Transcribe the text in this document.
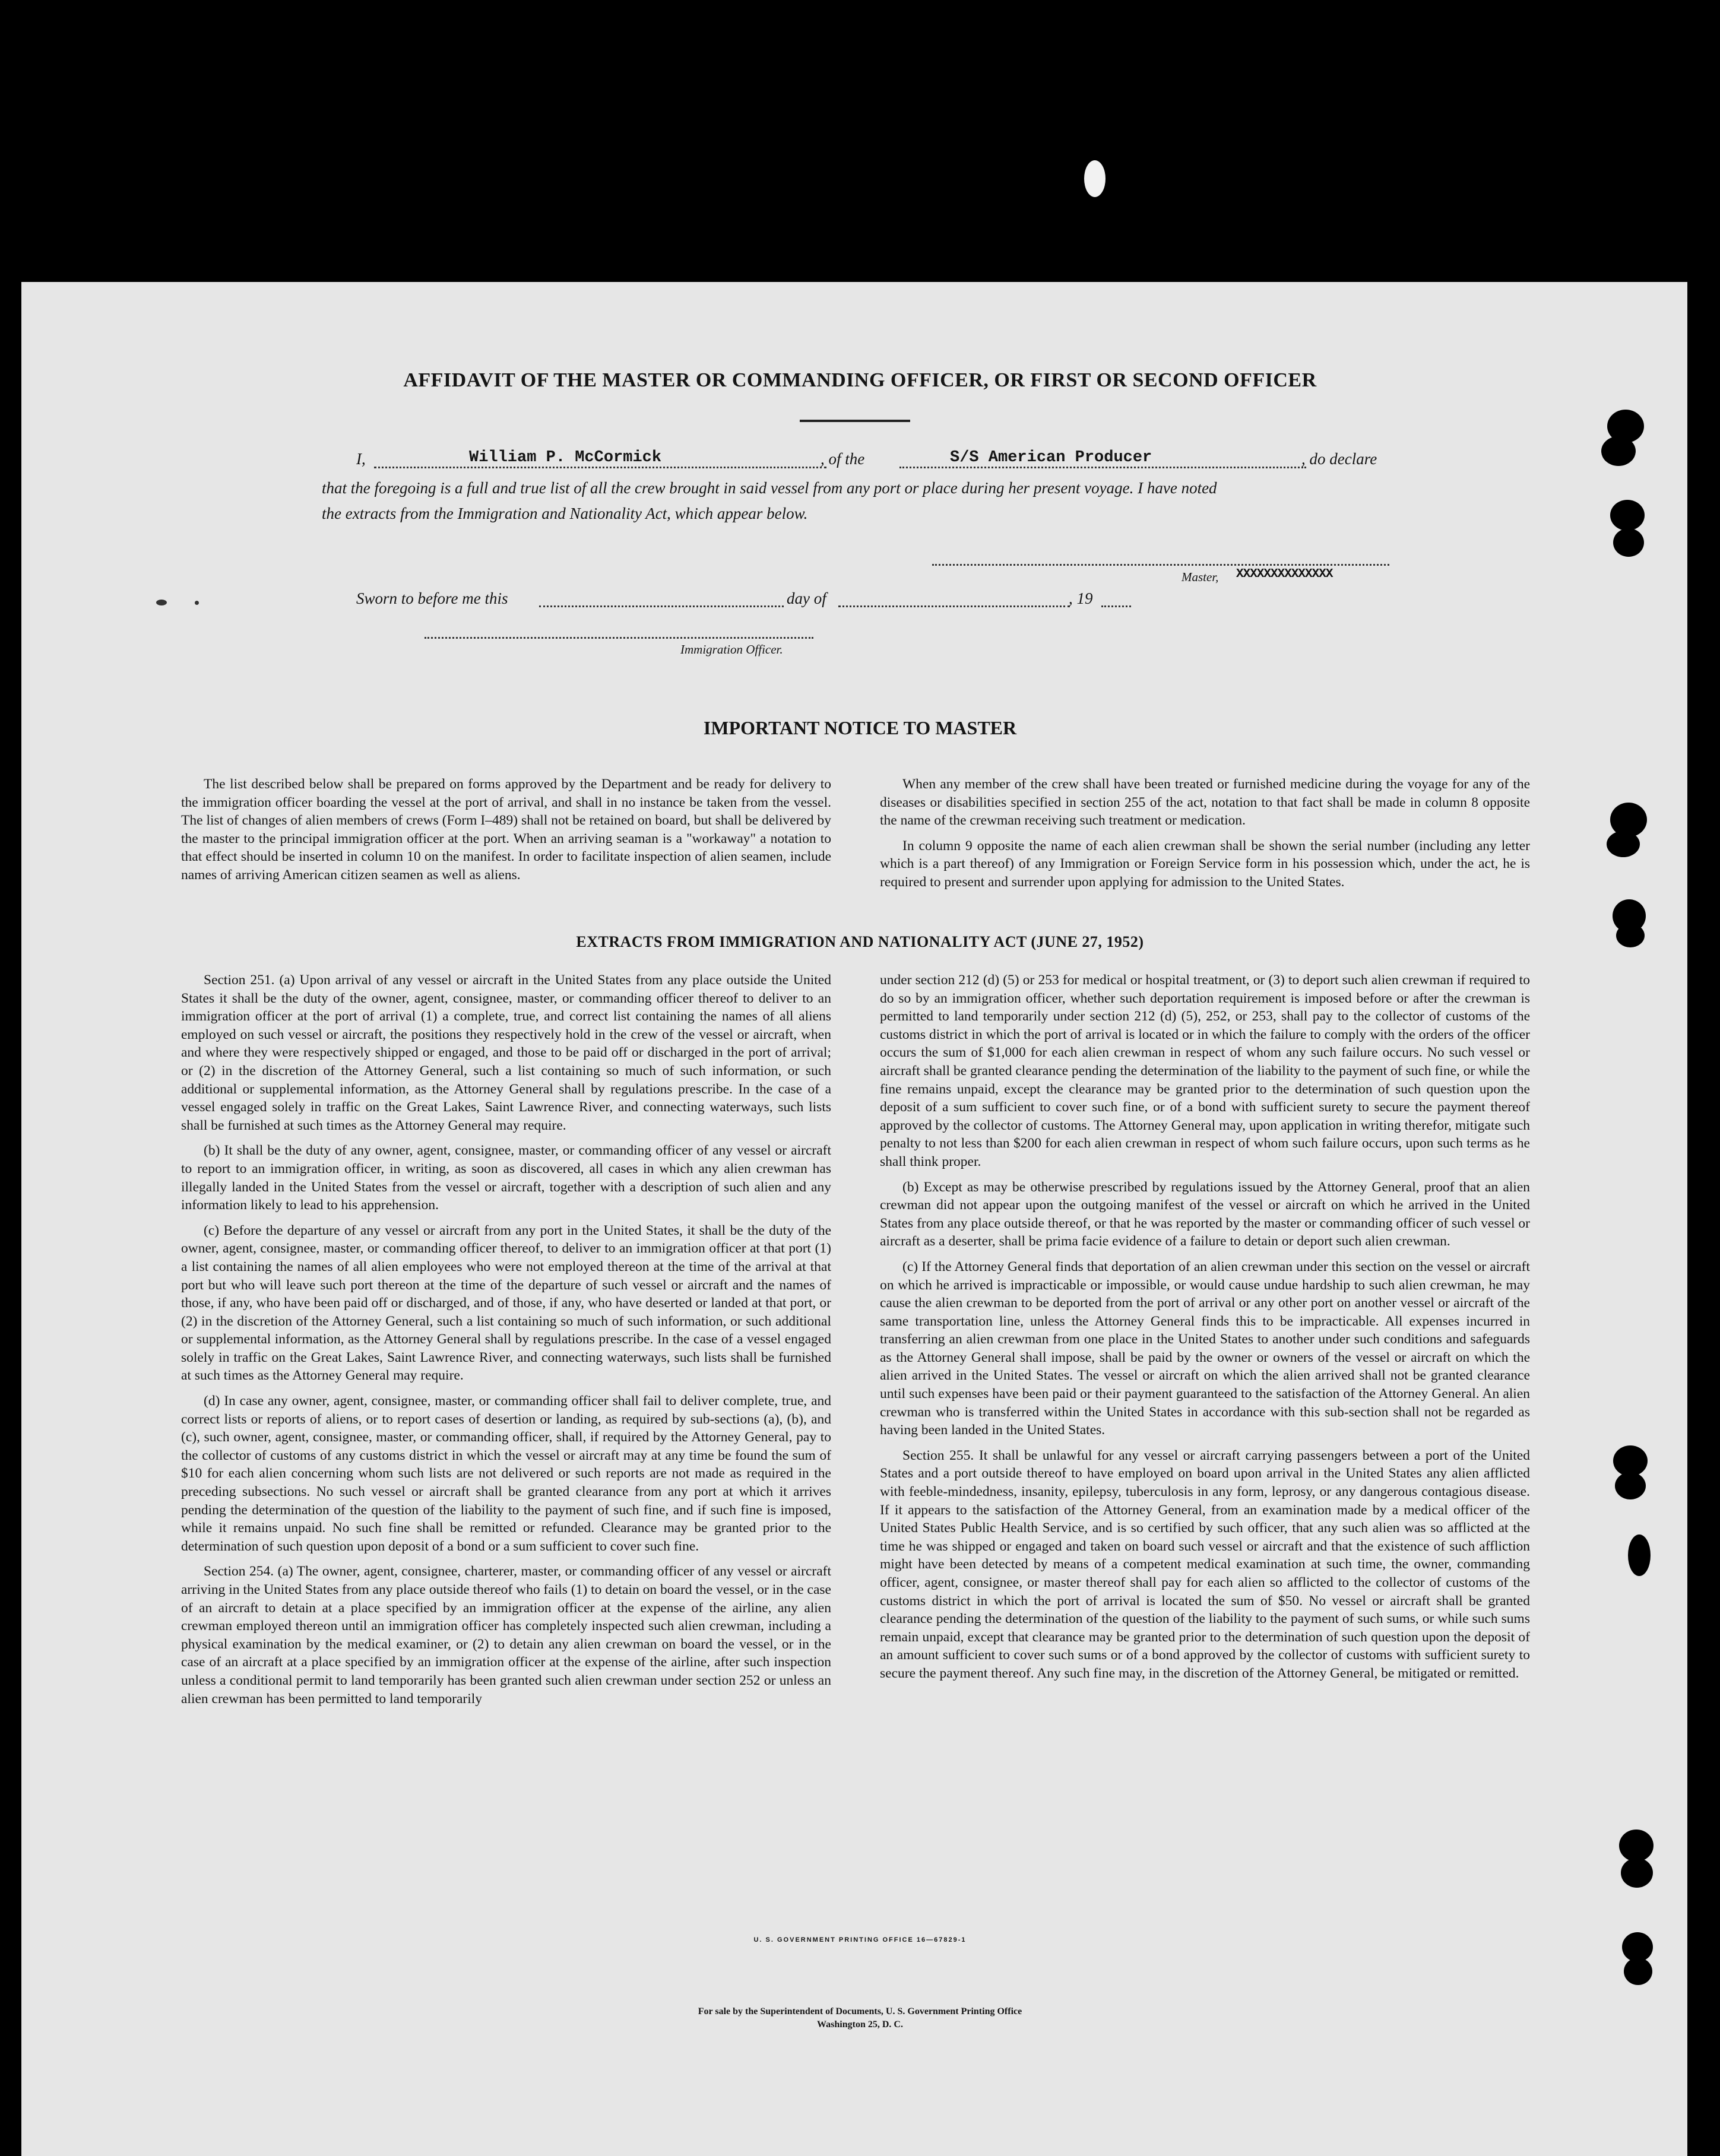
AFFIDAVIT OF THE MASTER OR COMMANDING OFFICER, OR FIRST OR SECOND OFFICER
I,	William P. McCormick	, of the	S/S American Producer	, do declare
that the foregoing is a full and true list of all the crew brought in said vessel from any port or place during her present voyage. I have noted
the extracts from the Immigration and Nationality Act, which appear below.
Master, XXXXXXXXXXXXXX
Sworn to before me this	day of	, 19
Immigration Officer.
IMPORTANT NOTICE TO MASTER

The list described below shall be prepared on forms approved by the Department and be ready for delivery to the immigration officer boarding the vessel at the port of arrival, and shall in no instance be taken from the vessel. The list of changes of alien members of crews (Form I–489) shall not be retained on board, but shall be delivered by the master to the principal immigration officer at the port. When an arriving seaman is a "workaway" a notation to that effect should be inserted in column 10 on the manifest. In order to facilitate inspection of alien seamen, include names of arriving American citizen seamen as well as aliens.

When any member of the crew shall have been treated or furnished medicine during the voyage for any of the diseases or disabilities specified in section 255 of the act, notation to that fact shall be made in column 8 opposite the name of the crewman receiving such treatment or medication.

In column 9 opposite the name of each alien crewman shall be shown the serial number (including any letter which is a part thereof) of any Immigration or Foreign Service form in his possession which, under the act, he is required to present and surrender upon applying for admission to the United States.

EXTRACTS FROM IMMIGRATION AND NATIONALITY ACT (JUNE 27, 1952)

Section 251. (a) Upon arrival of any vessel or aircraft in the United States from any place outside the United States it shall be the duty of the owner, agent, consignee, master, or commanding officer thereof to deliver to an immigration officer at the port of arrival (1) a complete, true, and correct list containing the names of all aliens employed on such vessel or aircraft, the positions they respectively hold in the crew of the vessel or aircraft, when and where they were respectively shipped or engaged, and those to be paid off or discharged in the port of arrival; or (2) in the discretion of the Attorney General, such a list containing so much of such information, or such additional or supplemental information, as the Attorney General shall by regulations prescribe. In the case of a vessel engaged solely in traffic on the Great Lakes, Saint Lawrence River, and connecting waterways, such lists shall be furnished at such times as the Attorney General may require.

(b) It shall be the duty of any owner, agent, consignee, master, or commanding officer of any vessel or aircraft to report to an immigration officer, in writing, as soon as discovered, all cases in which any alien crewman has illegally landed in the United States from the vessel or aircraft, together with a description of such alien and any information likely to lead to his apprehension.

(c) Before the departure of any vessel or aircraft from any port in the United States, it shall be the duty of the owner, agent, consignee, master, or commanding officer thereof, to deliver to an immigration officer at that port (1) a list containing the names of all alien employees who were not employed thereon at the time of the arrival at that port but who will leave such port thereon at the time of the departure of such vessel or aircraft and the names of those, if any, who have been paid off or discharged, and of those, if any, who have deserted or landed at that port, or (2) in the discretion of the Attorney General, such a list containing so much of such information, or such additional or supplemental information, as the Attorney General shall by regulations prescribe. In the case of a vessel engaged solely in traffic on the Great Lakes, Saint Lawrence River, and connecting waterways, such lists shall be furnished at such times as the Attorney General may require.

(d) In case any owner, agent, consignee, master, or commanding officer shall fail to deliver complete, true, and correct lists or reports of aliens, or to report cases of desertion or landing, as required by sub-sections (a), (b), and (c), such owner, agent, consignee, master, or commanding officer, shall, if required by the Attorney General, pay to the collector of customs of any customs district in which the vessel or aircraft may at any time be found the sum of $10 for each alien concerning whom such lists are not delivered or such reports are not made as required in the preceding subsections. No such vessel or aircraft shall be granted clearance from any port at which it arrives pending the determination of the question of the liability to the payment of such fine, and if such fine is imposed, while it remains unpaid. No such fine shall be remitted or refunded. Clearance may be granted prior to the determination of such question upon deposit of a bond or a sum sufficient to cover such fine.

Section 254. (a) The owner, agent, consignee, charterer, master, or commanding officer of any vessel or aircraft arriving in the United States from any place outside thereof who fails (1) to detain on board the vessel, or in the case of an aircraft to detain at a place specified by an immigration officer at the expense of the airline, any alien crewman employed thereon until an immigration officer has completely inspected such alien crewman, including a physical examination by the medical examiner, or (2) to detain any alien crewman on board the vessel, or in the case of an aircraft at a place specified by an immigration officer at the expense of the airline, after such inspection unless a conditional permit to land temporarily has been granted such alien crewman under section 252 or unless an alien crewman has been permitted to land temporarily

under section 212 (d) (5) or 253 for medical or hospital treatment, or (3) to deport such alien crewman if required to do so by an immigration officer, whether such deportation requirement is imposed before or after the crewman is permitted to land temporarily under section 212 (d) (5), 252, or 253, shall pay to the collector of customs of the customs district in which the port of arrival is located or in which the failure to comply with the orders of the officer occurs the sum of $1,000 for each alien crewman in respect of whom any such failure occurs. No such vessel or aircraft shall be granted clearance pending the determination of the liability to the payment of such fine, or while the fine remains unpaid, except the clearance may be granted prior to the determination of such question upon the deposit of a sum sufficient to cover such fine, or of a bond with sufficient surety to secure the payment thereof approved by the collector of customs. The Attorney General may, upon application in writing therefor, mitigate such penalty to not less than $200 for each alien crewman in respect of whom such failure occurs, upon such terms as he shall think proper.

(b) Except as may be otherwise prescribed by regulations issued by the Attorney General, proof that an alien crewman did not appear upon the outgoing manifest of the vessel or aircraft on which he arrived in the United States from any place outside thereof, or that he was reported by the master or commanding officer of such vessel or aircraft as a deserter, shall be prima facie evidence of a failure to detain or deport such alien crewman.

(c) If the Attorney General finds that deportation of an alien crewman under this section on the vessel or aircraft on which he arrived is impracticable or impossible, or would cause undue hardship to such alien crewman, he may cause the alien crewman to be deported from the port of arrival or any other port on another vessel or aircraft of the same transportation line, unless the Attorney General finds this to be impracticable. All expenses incurred in transferring an alien crewman from one place in the United States to another under such conditions and safeguards as the Attorney General shall impose, shall be paid by the owner or owners of the vessel or aircraft on which the alien arrived in the United States. The vessel or aircraft on which the alien arrived shall not be granted clearance until such expenses have been paid or their payment guaranteed to the satisfaction of the Attorney General. An alien crewman who is transferred within the United States in accordance with this sub-section shall not be regarded as having been landed in the United States.

Section 255. It shall be unlawful for any vessel or aircraft carrying passengers between a port of the United States and a port outside thereof to have employed on board upon arrival in the United States any alien afflicted with feeble-mindedness, insanity, epilepsy, tuberculosis in any form, leprosy, or any dangerous contagious disease. If it appears to the satisfaction of the Attorney General, from an examination made by a medical officer of the United States Public Health Service, and is so certified by such officer, that any such alien was so afflicted at the time he was shipped or engaged and taken on board such vessel or aircraft and that the existence of such affliction might have been detected by means of a competent medical examination at such time, the owner, commanding officer, agent, consignee, or master thereof shall pay for each alien so afflicted to the collector of customs of the customs district in which the port of arrival is located the sum of $50. No vessel or aircraft shall be granted clearance pending the determination of the question of the liability to the payment of such sums, or while such sums remain unpaid, except that clearance may be granted prior to the determination of such question upon the deposit of an amount sufficient to cover such sums or of a bond approved by the collector of customs with sufficient surety to secure the payment thereof. Any such fine may, in the discretion of the Attorney General, be mitigated or remitted.

U. S. GOVERNMENT PRINTING OFFICE 16—67829-1
For sale by the Superintendent of Documents, U. S. Government Printing Office
Washington 25, D. C.
